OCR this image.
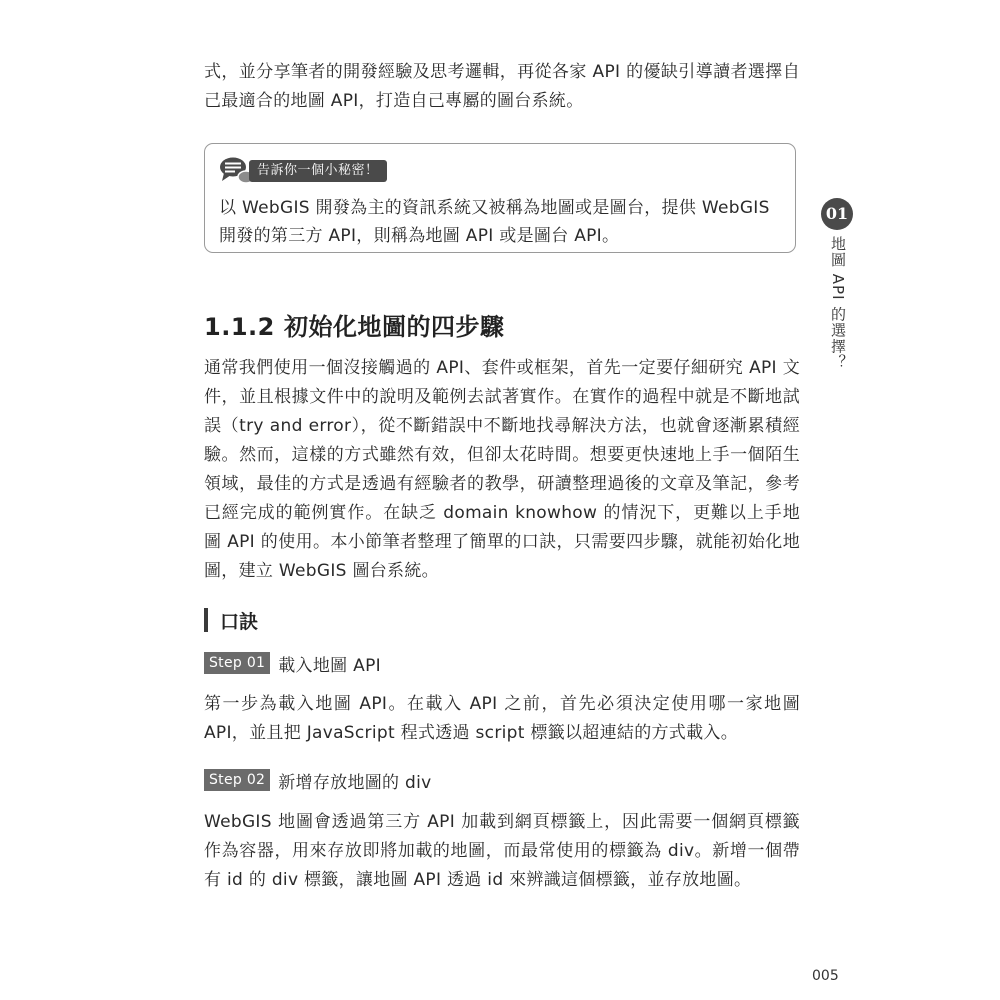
式，並分享筆者的開發經驗及思考邏輯，再從各家 API 的優缺引導讀者選擇自己最適合的地圖 API，打造自己專屬的圖台系統。
告訴你一個小秘密！
以 WebGIS 開發為主的資訊系統又被稱為地圖或是圖台，提供 WebGIS 開發的第三方 API，則稱為地圖 API 或是圖台 API。
01
地圖 API 的選擇？
1.1.2 初始化地圖的四步驟
通常我們使用一個沒接觸過的 API、套件或框架，首先一定要仔細研究 API 文件，並且根據文件中的說明及範例去試著實作。在實作的過程中就是不斷地試誤（try and error），從不斷錯誤中不斷地找尋解決方法，也就會逐漸累積經驗。然而，這樣的方式雖然有效，但卻太花時間。想要更快速地上手一個陌生領域，最佳的方式是透過有經驗者的教學，研讀整理過後的文章及筆記，參考已經完成的範例實作。在缺乏 domain knowhow 的情況下，更難以上手地圖 API 的使用。本小節筆者整理了簡單的口訣，只需要四步驟，就能初始化地圖，建立 WebGIS 圖台系統。
口訣
Step 01 載入地圖 API
第一步為載入地圖 API。在載入 API 之前，首先必須決定使用哪一家地圖 API，並且把 JavaScript 程式透過 script 標籤以超連結的方式載入。
Step 02 新增存放地圖的 div
WebGIS 地圖會透過第三方 API 加載到網頁標籤上，因此需要一個網頁標籤作為容器，用來存放即將加載的地圖，而最常使用的標籤為 div。新增一個帶有 id 的 div 標籤，讓地圖 API 透過 id 來辨識這個標籤，並存放地圖。
005
